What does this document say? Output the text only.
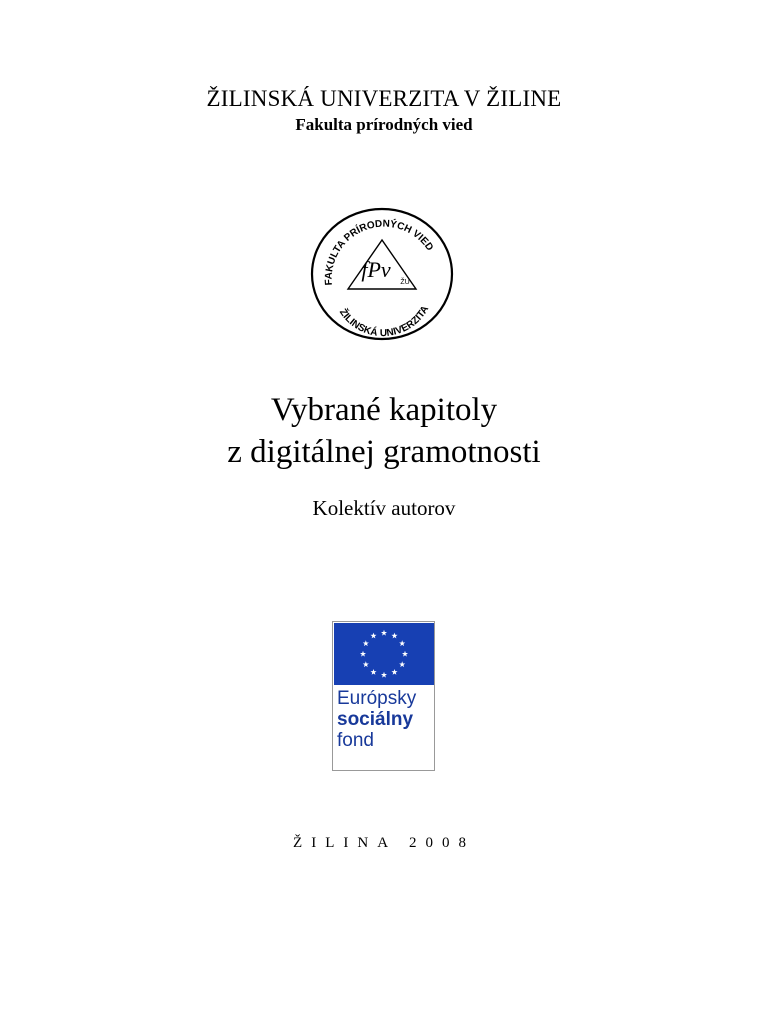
ŽILINSKÁ UNIVERZITA V ŽILINE
Fakulta prírodných vied
FAKULTA PRÍRODNÝCH VIED
ŽILINSKÁ UNIVERZITA
fPv
ŽU
Vybrané kapitoly
z digitálnej gramotnosti
Kolektív autorov
Európsky
sociálny
fond
ŽILINA 2008
